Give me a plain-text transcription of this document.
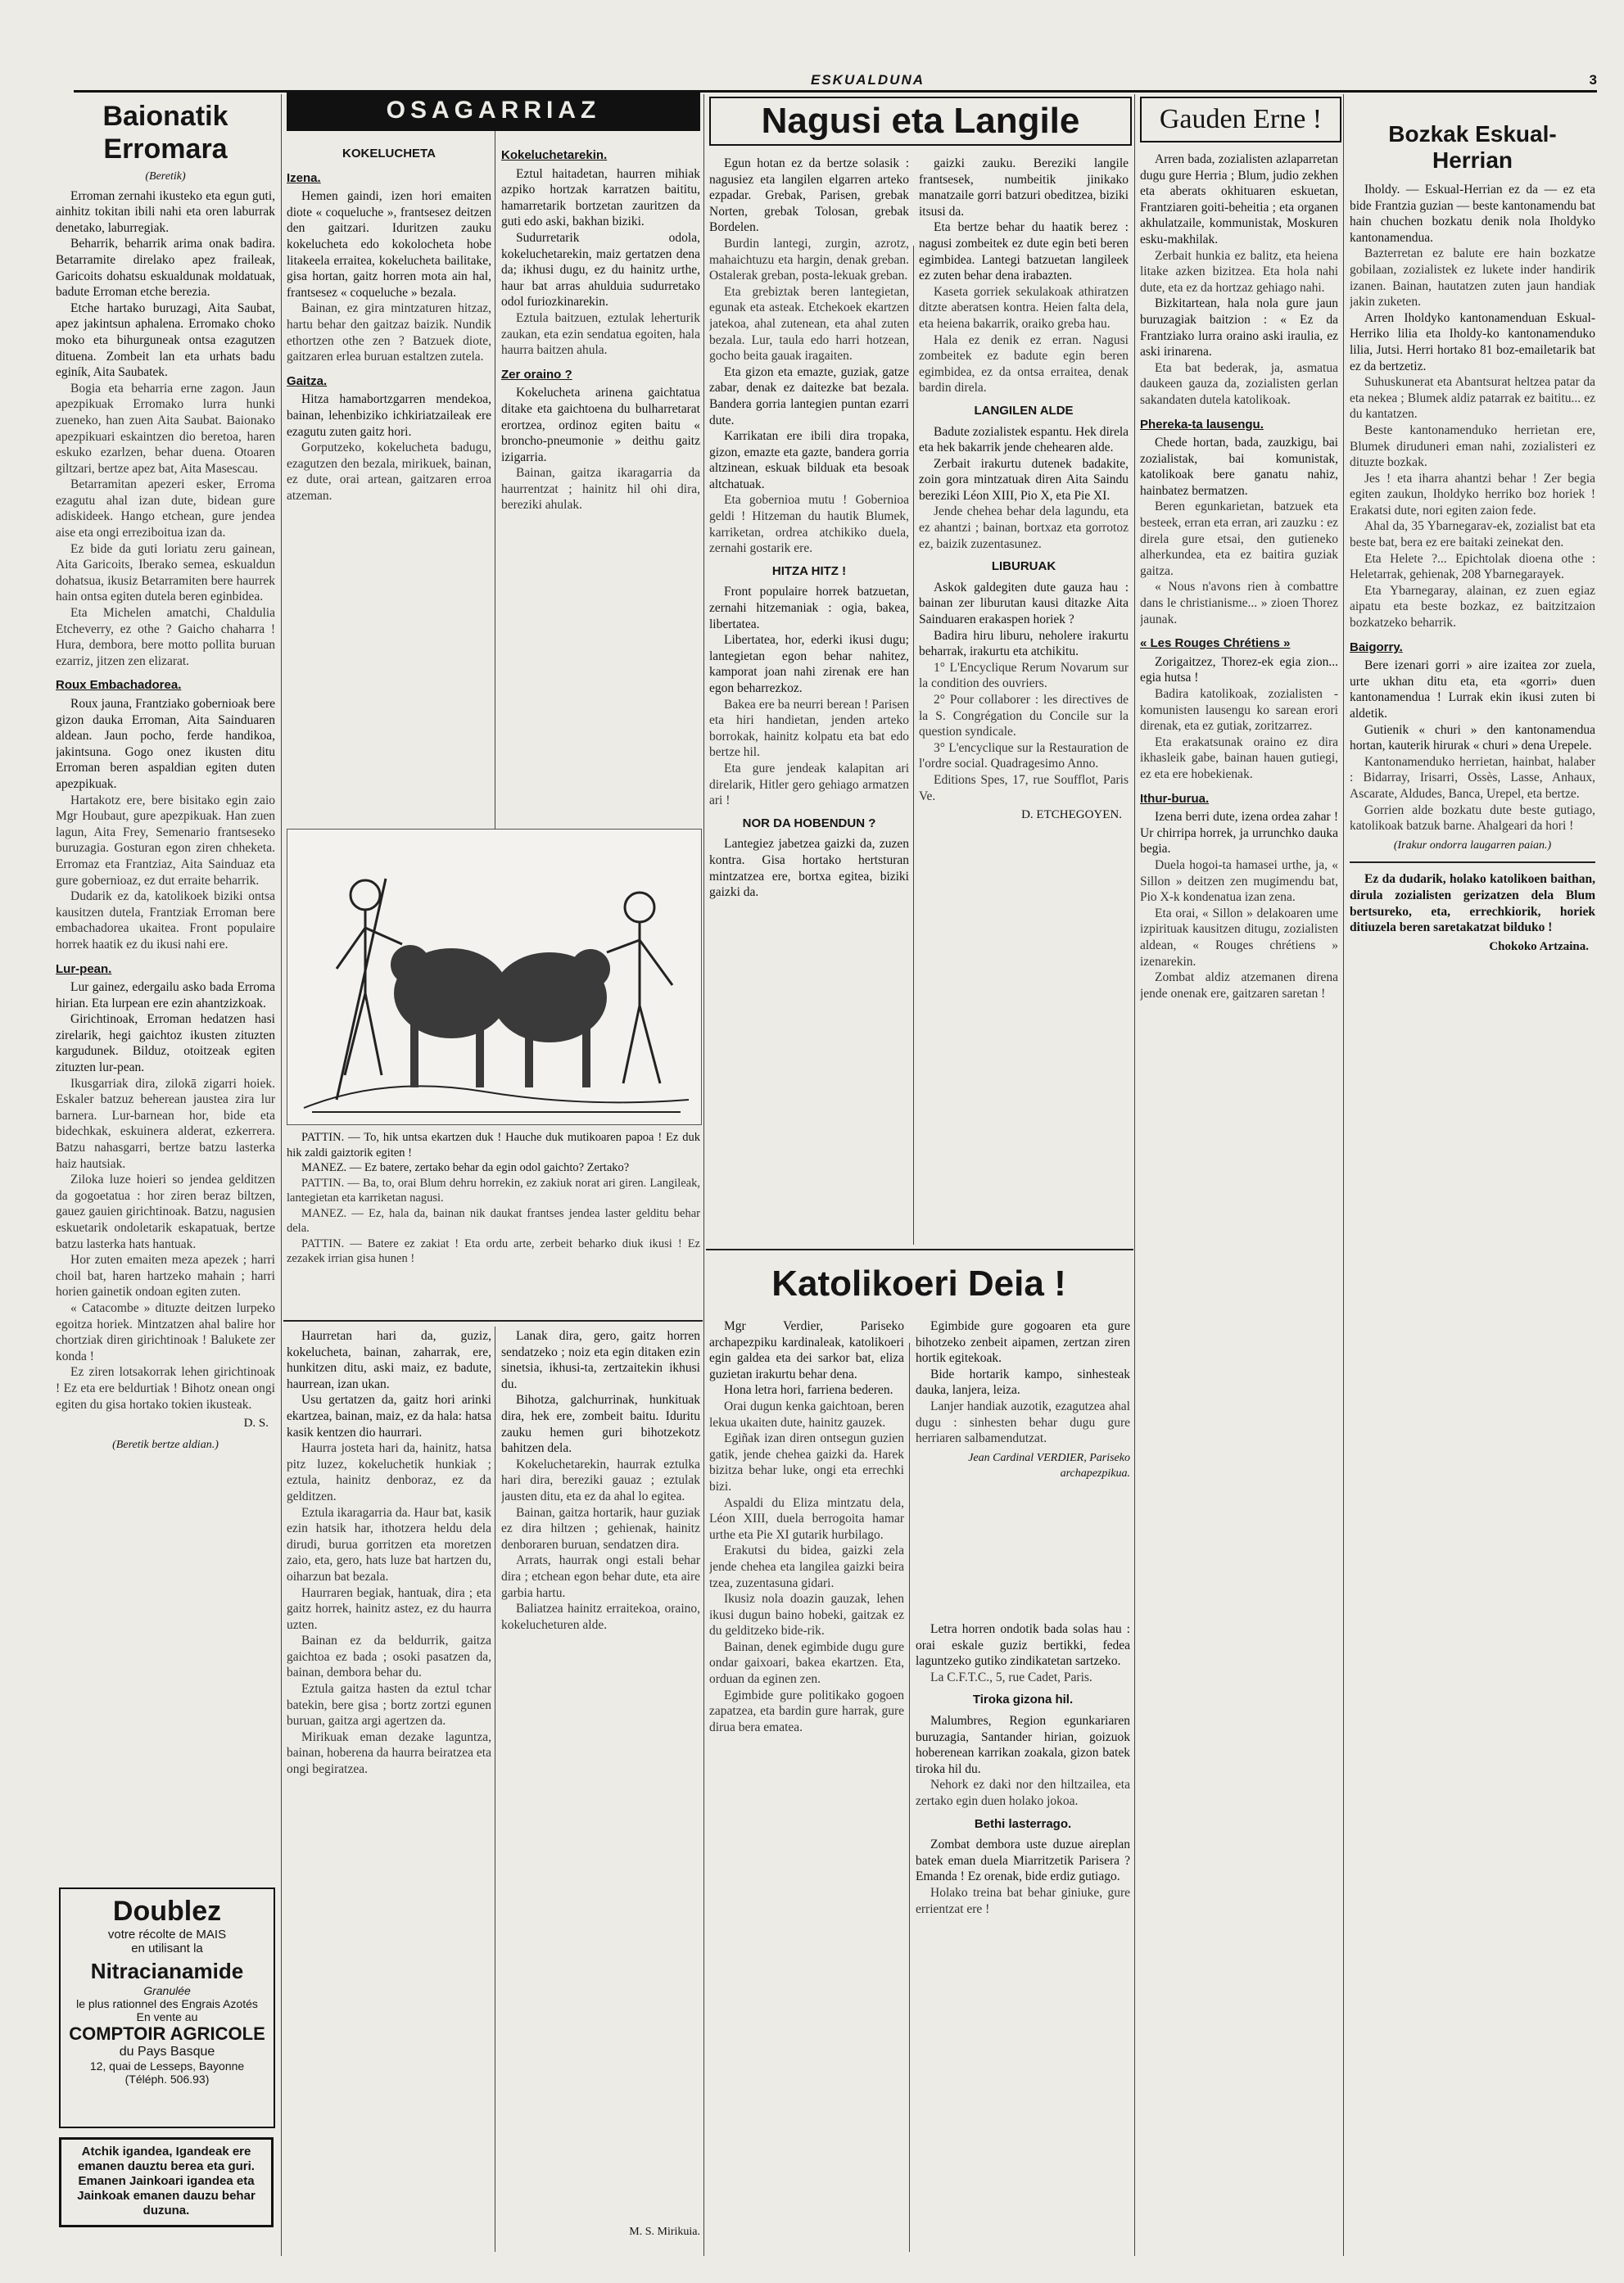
ESKUALDUNA	3
Baionatik Erromara
(Beretik)

Erroman zernahi ikusteko eta egun guti, ainhitz tokitan ibili nahi eta oren laburrak denetako, laburregiak.

Beharrik, beharrik arima onak badira. Betarramite direlako apez fraileak, Garicoits dohatsu eskualdunak moldatuak, badute Erroman etche berezia.

Etche hartako buruzagi, Aita Saubat, apez jakintsun aphalena. Erromako choko moko eta bihurguneak ontsa ezagutzen dituena. Zombeit lan eta urhats badu eginík, Aita Saubatek.

Bogia eta beharria erne zagon. Jaun apezpikuak Erromako lurra hunki zueneko, han zuen Aita Saubat. Baionako apezpikuari eskaintzen dio beretoa, haren eskuko ezarlzen, behar duena. Otoaren giltzari, bertze apez bat, Aita Masescau.

Betarramitan apezeri esker, Erroma ezagutu ahal izan dute, bidean gure adiskideek. Hango etchean, gure jendea aise eta ongi erreziboitua izan da.

Ez bide da guti loriatu zeru gainean, Aita Garicoits, Iberako semea, eskualdun dohatsua, ikusiz Betarramiten bere haurrek hain ontsa egiten dutela beren eginbidea.

Eta Michelen amatchi, Chaldulia Etcheverry, ez othe ? Gaicho chaharra ! Hura, dembora, bere motto pollita buruan ezarriz, jitzen zen elizarat.

Roux Embachadorea.

Roux jauna, Frantziako gobernioak bere gizon dauka Erroman, Aita Sainduaren aldean. Jaun pocho, ferde handikoa, jakintsuna. Gogo onez ikusten ditu Erroman beren aspaldian egiten duten apezpikuak.

Hartakotz ere, bere bisitako egin zaio Mgr Houbaut, gure apezpikuak. Han zuen lagun, Aita Frey, Semenario frantseseko buruzagia. Gosturan egon ziren chheketa. Erromaz eta Frantziaz, Aita Sainduaz eta gure gobernioaz, ez dut erraite beharrik.

Dudarik ez da, katolikoek biziki ontsa kausitzen dutela, Frantziak Erroman bere embachadorea ukaitea. Front populaire horrek haatik ez du ikusi nahi ere.

Lur-pean.

Lur gainez, edergailu asko bada Erroma hirian. Eta lurpean ere ezin ahantzizkoak.

Girichtinoak, Erroman hedatzen hasi zirelarik, hegi gaichtoz ikusten zituzten kargudunek. Bilduz, otoitzeak egiten zituzten lur-pean.

Ikusgarriak dira, zilokā zigarri hoiek. Eskaler batzuz beherean jaustea zira lur barnera. Lur-barnean hor, bide eta bidechkak, eskuinera alderat, ezkerrera. Batzu nahasgarri, bertze batzu lasterka haiz hautsiak.

Ziloka luze hoieri so jendea gelditzen da gogoetatua : hor ziren beraz biltzen, gauez gauien girichtinoak. Batzu, nagusien eskuetarik ondoletarik eskapatuak, bertze batzu lasterka hats hantuak.

Hor zuten emaiten meza apezek ; harri choil bat, haren hartzeko mahain ; harri horien gainetik ondoan egiten zuten.

« Catacombe » dituzte deitzen lurpeko egoitza horiek. Mintzatzen ahal balire hor chortziak diren girichtinoak ! Balukete zer konda !

Ez ziren lotsakorrak lehen girichtinoak ! Ez eta ere beldurtiak ! Bihotz onean ongi egiten du gisa hortako tokien ikusteak.

D. S.
(Beretik bertze aldian.)
Doublez
votre récolte de MAIS
en utilisant la
Nitracianamide
Granulée
le plus rationnel des Engrais Azotés
En vente au
COMPTOIR AGRICOLE
du Pays Basque
12, quai de Lesseps, Bayonne
(Téléph. 506.93)
Atchik igandea, Igandeak ere emanen dauztu berea eta guri. Emanen Jainkoari igandea eta Jainkoak emanen dauzu behar duzuna.
OSAGARRIAZ
KOKELUCHETA
Izena.

Hemen gaindi, izen hori emaiten diote « coqueluche », frantsesez deitzen den gaitzari. Iduritzen zauku kokelucheta edo kokolocheta hobe litakeela erraitea, kokelucheta bailitake, gisa hortan, gaitz horren mota ain hal, frantsesez « coqueluche » bezala.

Bainan, ez gira mintzaturen hitzaz, hartu behar den gaitzaz baizik. Nundik ethortzen othe zen ? Batzuek diote, gaitzaren erlea buruan estaltzen zutela.

Gaitza.

Hitza hamabortzgarren mendekoa, bainan, lehenbiziko ichkiriatzaileak ere ezagutu zuten gaitz hori.

Gorputzeko, kokelucheta badugu, ezagutzen den bezala, mirikuek, bainan, ez dute, orai artean, gaitzaren erroa atzeman.

Kokeluchetarekin.

Eztul haitadetan, haurren mihiak azpiko hortzak karratzen baititu, hamarretarik bortzetan zauritzen da guti edo aski, bakhan biziki.

Sudurretarik odola, kokeluchetarekin, maiz gertatzen dena da; ikhusi dugu, ez du hainitz urthe, haur bat arras ahulduia sudurretako odol furiozkinarekin.

Eztula baitzuen, eztulak leherturik zaukan, eta ezin sendatua egoiten, hala haurra baitzen ahula.

Zer oraino ?

Kokelucheta arinena gaichtatua ditake eta gaichtoena du bulharretarat erortzea, ordinoz egiten baitu « broncho-pneumonie » deithu gaitz izigarria.

Bainan, gaitza ikaragarria da haurrentzat ; hainitz hil ohi dira, bereziki ahulak.

PATTIN. — To, hik untsa ekartzen duk ! Hauche duk mutikoaren papoa ! Ez duk hik zaldi gaiztorik egiten !

MANEZ. — Ez batere, zertako behar da egin odol gaichto? Zertako?

PATTIN. — Ba, to, orai Blum dehru horrekin, ez zakiuk norat ari giren. Langileak, lantegietan eta karriketan nagusi.

MANEZ. — Ez, hala da, bainan nik daukat frantses jendea laster gelditu behar dela.

PATTIN. — Batere ez zakiat ! Eta ordu arte, zerbeit beharko diuk ikusi ! Ez zezakek irrian gisa hunen !

Haurretan hari da, guziz, kokelucheta, bainan, zaharrak, ere, hunkitzen ditu, aski maiz, ez badute, haurrean, izan ukan.

Usu gertatzen da, gaitz hori arinki ekartzea, bainan, maiz, ez da hala: hatsa kasik kentzen dio haurrari.

Haurra josteta hari da, hainitz, hatsa pitz luzez, kokeluchetik hunkiak ; eztula, hainitz denboraz, ez da gelditzen.

Eztula ikaragarria da. Haur bat, kasik ezin hatsik har, ithotzera heldu dela dirudi, burua gorritzen eta moretzen zaio, eta, gero, hats luze bat hartzen du, oiharzun bat bezala.

Haurraren begiak, hantuak, dira ; eta gaitz horrek, hainitz astez, ez du haurra uzten.

Bainan ez da beldurrik, gaitza gaichtoa ez bada ; osoki pasatzen da, bainan, dembora behar du.

Eztula gaitza hasten da eztul tchar batekin, bere gisa ; bortz zortzi egunen buruan, gaitza argi agertzen da.

Mirikuak eman dezake laguntza, bainan, hoberena da haurra beiratzea eta ongi begiratzea.

Lanak dira, gero, gaitz horren sendatzeko ; noiz eta egin ditaken ezin sinetsia, ikhusi-ta, zertzaitekin ikhusi du.

Bihotza, galchurrinak, hunkituak dira, hek ere, zombeit baitu. Iduritu zauku hemen guri bihotzekotz bahitzen dela.

Kokeluchetarekin, haurrak eztulka hari dira, bereziki gauaz ; eztulak jausten ditu, eta ez da ahal lo egitea.

Bainan, gaitza hortarik, haur guziak ez dira hiltzen ; gehienak, hainitz denboraren buruan, sendatzen dira.

Arrats, haurrak ongi estali behar dira ; etchean egon behar dute, eta aire garbia hartu.

Baliatzea hainitz erraitekoa, oraino, kokelucheturen alde.

M. S. Mirikuia.
Nagusi eta Langile

Egun hotan ez da bertze solasik : nagusiez eta langilen elgarren arteko ezpadar. Grebak, Parisen, grebak Norten, grebak Tolosan, grebak Bordelen.

Burdin lantegi, zurgin, azrotz, mahaichtuzu eta hargin, denak greban. Ostalerak greban, posta-lekuak greban.

Eta grebiztak beren lantegietan, egunak eta asteak. Etchekoek ekartzen jatekoa, ahal zutenean, eta ahal zuten bezala. Lur, taula edo harri hotzean, gocho beita gauak iragaiten.

Eta gizon eta emazte, guziak, gatze zabar, denak ez daitezke bat bezala. Bandera gorria lantegien puntan ezarri dute.

Karrikatan ere ibili dira tropaka, gizon, emazte eta gazte, bandera gorria altzinean, eskuak bilduak eta besoak altchatuak.

Eta gobernioa mutu ! Gobernioa geldi ! Hitzeman du hautik Blumek, karriketan, ordrea atchikiko duela, zernahi gostarik ere.

HITZA HITZ !

Front populaire horrek batzuetan, zernahi hitzemaniak : ogia, bakea, libertatea.

Libertatea, hor, ederki ikusi dugu; lantegietan egon behar nahitez, kamporat joan nahi zirenak ere han egon beharrezkoz.

Bakea ere ba neurri berean ! Parisen eta hiri handietan, jenden arteko borrokak, hainitz kolpatu eta bat edo bertze hil.

Eta gure jendeak kalapitan ari direlarik, Hitler gero gehiago armatzen ari !

NOR DA HOBENDUN ?

Lantegiez jabetzea gaizki da, zuzen kontra. Gisa hortako hertsturan mintzatzea ere, bortxa egitea, biziki gaizki da.

gaizki zauku. Bereziki langile frantsesek, numbeitik jinikako manatzaile gorri batzuri obeditzea, biziki itsusi da.

Eta bertze behar du haatik berez : nagusi zombeitek ez dute egin beti beren egimbidea. Lantegi batzuetan langileek ez zuten behar dena irabazten.

Kaseta gorriek sekulakoak athiratzen ditzte aberatsen kontra. Heien falta dela, eta heiena bakarrik, oraiko greba hau.

Hala ez denik ez erran. Nagusi zombeitek ez badute egin beren egimbidea, ez da ontsa erraitea, denak bardin direla.

LANGILEN ALDE

Badute zozialistek espantu. Hek direla eta hek bakarrik jende chehearen alde.

Zerbait irakurtu dutenek badakite, zoin gora mintzatuak diren Aita Saindu bereziki Léon XIII, Pio X, eta Pie XI.

Jende chehea behar dela lagundu, eta ez ahantzi ; bainan, bortxaz eta gorrotoz ez, baizik zuzentasunez.

LIBURUAK

Askok galdegiten dute gauza hau : bainan zer liburutan kausi ditazke Aita Sainduaren erakaspen horiek ?

Badira hiru liburu, neholere irakurtu beharrak, irakurtu eta atchikitu.

1° L'Encyclique Rerum Novarum sur la condition des ouvriers.

2° Pour collaborer : les directives de la S. Congrégation du Concile sur la question syndicale.

3° L'encyclique sur la Restauration de l'ordre social. Quadragesimo Anno.

Editions Spes, 17, rue Soufflot, Paris Ve.

D. ETCHEGOYEN.
Katolikoeri Deia !

Mgr Verdier, Pariseko archapezpiku kardinaleak, katolikoeri egin galdea eta dei sarkor bat, eliza guzietan irakurtu behar dena.

Hona letra hori, farriena bederen.

Orai dugun kenka gaichtoan, beren lekua ukaiten dute, hainitz gauzek.

Egiñak izan diren ontsegun guzien gatik, jende chehea gaizki da. Harek bizitza behar luke, ongi eta errechki bizi.

Aspaldi du Eliza mintzatu dela, Léon XIII, duela berrogoita hamar urthe eta Pie XI gutarik hurbilago.

Erakutsi du bidea, gaizki zela jende chehea eta langilea gaizki beira tzea, zuzentasuna gidari.

Ikusiz nola doazin gauzak, lehen ikusi dugun baino hobeki, gaitzak ez du gelditzeko bide-rik.

Bainan, denek egimbide dugu gure ondar gaixoari, bakea ekartzen. Eta, orduan da eginen zen.

Egimbide gure politikako gogoen zapatzea, eta bardin gure harrak, gure dirua bera ematea.

Egimbide gure gogoaren eta gure bihotzeko zenbeit aipamen, zertzan ziren hortik egitekoak.

Bide hortarik kampo, sinhesteak dauka, lanjera, leiza.

Lanjer handiak auzotik, ezagutzea ahal dugu : sinhesten behar dugu gure herriaren salbamendutzat.

Jean Cardinal VERDIER, Pariseko archapezpikua.

Letra horren ondotik bada solas hau : orai eskale guziz bertikki, fedea laguntzeko gutiko zindikatetan sartzeko.

La C.F.T.C., 5, rue Cadet, Paris.

Tiroka gizona hil.

Malumbres, Region egunkariaren buruzagia, Santander hirian, goizuok hoberenean karrikan zoakala, gizon batek tiroka hil du.

Nehork ez daki nor den hiltzailea, eta zertako egin duen holako jokoa.

Bethi lasterrago.

Zombat dembora uste duzue aireplan batek eman duela Miarritzetik Parisera ? Emanda ! Ez orenak, bide erdiz gutiago.

Holako treina bat behar giniuke, gure errientzat ere !

Gauden Erne !

Arren bada, zozialisten azlaparretan dugu gure Herria ; Blum, judio zekhen eta aberats okhituaren eskuetan, Frantziaren goiti-beheitia ; eta organen akhulatzaile, kommunistak, Moskuren esku-makhilak.

Zerbait hunkia ez balitz, eta heiena litake azken bizitzea. Eta hola nahi dute, eta ez da hortzaz gehiago nahi.

Bizkitartean, hala nola gure jaun buruzagiak baitzion : « Ez da Frantziako lurra oraino aski iraulia, ez aski irinarena.

Eta bat bederak, ja, asmatua daukeen gauza da, zozialisten gerlan sakandaten dutela katolikoak.

Phereka-ta lausengu.

Chede hortan, bada, zauzkigu, bai zozialistak, bai komunistak, katolikoak bere ganatu nahiz, hainbatez bermatzen.

Beren egunkarietan, batzuek eta besteek, erran eta erran, ari zauzku : ez direla gure etsai, den gutieneko alherkundea, eta ez baitira guziak gaitza.

« Nous n'avons rien à combattre dans le christianisme... » zioen Thorez jaunak.

« Les Rouges Chrétiens »

Zorigaitzez, Thorez-ek egia zion... egia hutsa !

Badira katolikoak, zozialisten - komunisten lausengu ko sarean erori direnak, eta ez gutiak, zoritzarrez.

Eta erakatsunak oraino ez dira ikhasleik gabe, bainan hauen gutiegi, ez eta ere hobekienak.

Ithur-burua.

Izena berri dute, izena ordea zahar ! Ur chirripa horrek, ja urrunchko dauka begia.

Duela hogoi-ta hamasei urthe, ja, « Sillon » deitzen zen mugimendu bat, Pio X-k kondenatua izan zena.

Eta orai, « Sillon » delakoaren ume izpirituak kausitzen ditugu, zozialisten aldean, « Rouges chrétiens » izenarekin.

Zombat aldiz atzemanen direna jende onenak ere, gaitzaren saretan !

Bozkak Eskual-Herrian

Iholdy. — Eskual-Herrian ez da — ez eta bide Frantzia guzian — beste kantonamendu bat hain chuchen bozkatu denik nola Iholdyko kantonamendua.

Bazterretan ez balute ere hain bozkatze gobilaan, zozialistek ez lukete inder handirik izanen. Bainan, hautatzen zuten jaun handiak jakin zuketen.

Arren Iholdyko kantonamenduan Eskual-Herriko lilia eta Iholdy-ko kantonamenduko lilia, Jutsi. Herri hortako 81 boz-emailetarik bat ez da bertzetiz.

Suhuskunerat eta Abantsurat heltzea patar da eta nekea ; Blumek aldiz patarrak ez baititu... ez du kantatzen.

Beste kantonamenduko herrietan ere, Blumek diruduneri eman nahi, zozialisteri ez dituzte bozkak.

Jes ! eta iharra ahantzi behar ! Zer begia egiten zaukun, Iholdyko herriko boz horiek ! Erakatsi dute, nori egiten zaion fede.

Ahal da, 35 Ybarnegarav-ek, zozialist bat eta beste bat, bera ez ere baitaki zeinekat den.

Eta Helete ?... Epichtolak dioena othe : Heletarrak, gehienak, 208 Ybarnegarayek.

Eta Ybarnegaray, alainan, ez zuen egiaz aipatu eta beste bozkaz, ez baitzitzaion bozkatzeko beharrik.

Baigorry.

Bere izenari gorri » aire izaitea zor zuela, urte ukhan ditu eta, eta «gorri» duen kantonamendua ! Lurrak ekin ikusi zuten bi aldetik.

Gutienik « churi » den kantonamendua hortan, kauterik hirurak « churi » dena Urepele.

Kantonamenduko herrietan, hainbat, halaber : Bidarray, Irisarri, Ossès, Lasse, Anhaux, Ascarate, Aldudes, Banca, Urepel, eta bertze.

Gorrien alde bozkatu dute beste gutiago, katolikoak batzuk barne. Ahalgeari da hori !

(Irakur ondorra laugarren paian.)

Ez da dudarik, holako katolikoen baithan, dirula zozialisten gerizatzen dela Blum bertsureko, eta, errechkiorik, horiek ditiuzela beren saretakatzat bilduko !

Chokoko Artzaina.
